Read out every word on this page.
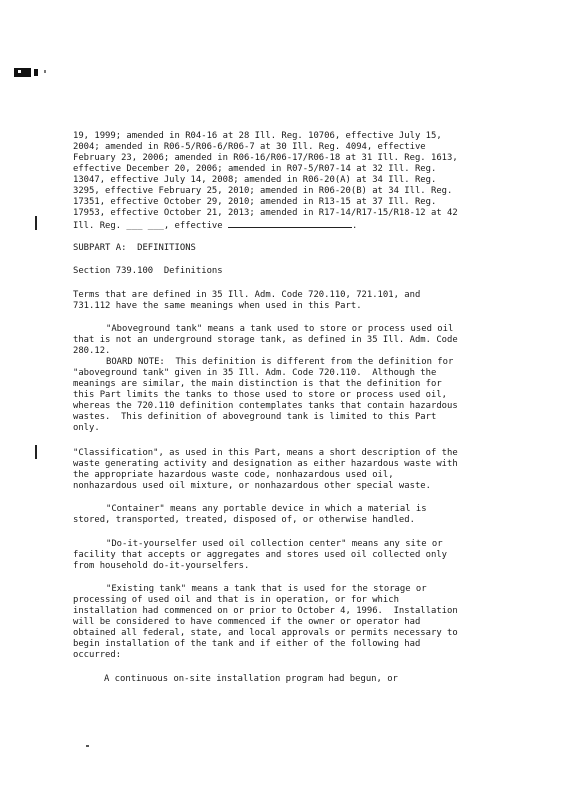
19, 1999; amended in R04-16 at 28 Ill. Reg. 10706, effective July 15,
2004; amended in R06-5/R06-6/R06-7 at 30 Ill. Reg. 4094, effective
February 23, 2006; amended in R06-16/R06-17/R06-18 at 31 Ill. Reg. 1613,
effective December 20, 2006; amended in R07-5/R07-14 at 32 Ill. Reg.
13047, effective July 14, 2008; amended in R06-20(A) at 34 Ill. Reg.
3295, effective February 25, 2010; amended in R06-20(B) at 34 Ill. Reg.
17351, effective October 29, 2010; amended in R13-15 at 37 Ill. Reg.
17953, effective October 21, 2013; amended in R17-14/R17-15/R18-12 at 42
Ill. Reg. ___ ___, effective	.
SUBPART A:  DEFINITIONS
Section 739.100  Definitions
Terms that are defined in 35 Ill. Adm. Code 720.110, 721.101, and
731.112 have the same meanings when used in this Part.
"Aboveground tank" means a tank used to store or process used oil
that is not an underground storage tank, as defined in 35 Ill. Adm. Code
280.12.
BOARD NOTE:  This definition is different from the definition for
"aboveground tank" given in 35 Ill. Adm. Code 720.110.  Although the
meanings are similar, the main distinction is that the definition for
this Part limits the tanks to those used to store or process used oil,
whereas the 720.110 definition contemplates tanks that contain hazardous
wastes.  This definition of aboveground tank is limited to this Part
only.
"Classification", as used in this Part, means a short description of the
waste generating activity and designation as either hazardous waste with
the appropriate hazardous waste code, nonhazardous used oil,
nonhazardous used oil mixture, or nonhazardous other special waste.
"Container" means any portable device in which a material is
stored, transported, treated, disposed of, or otherwise handled.
"Do-it-yourselfer used oil collection center" means any site or
facility that accepts or aggregates and stores used oil collected only
from household do-it-yourselfers.
"Existing tank" means a tank that is used for the storage or
processing of used oil and that is in operation, or for which
installation had commenced on or prior to October 4, 1996.  Installation
will be considered to have commenced if the owner or operator had
obtained all federal, state, and local approvals or permits necessary to
begin installation of the tank and if either of the following had
occurred:
A continuous on-site installation program had begun, or
